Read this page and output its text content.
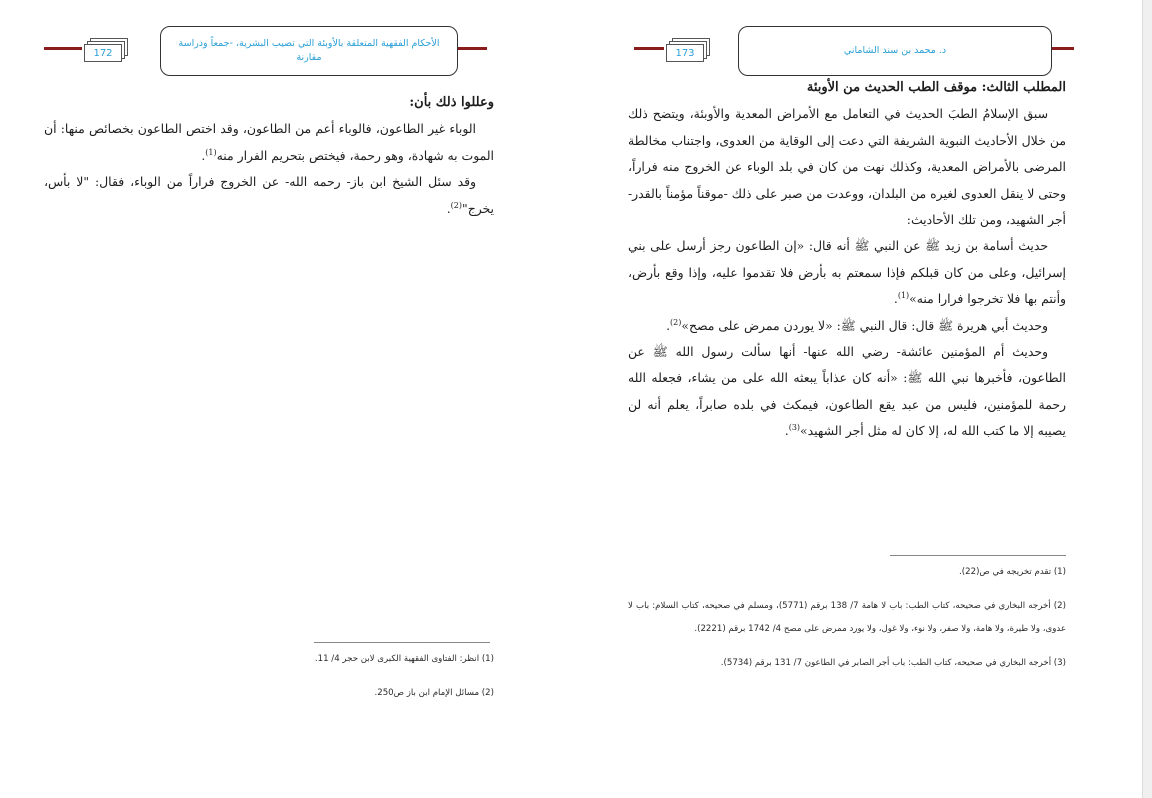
172
الأحكام الفقهية المتعلقة بالأوبئة التي تصيب البشرية، -جمعاً ودراسة مقارنة

وعللوا ذلك بأن:

الوباء غير الطاعون، فالوباء أعم من الطاعون، وقد اختص الطاعون بخصائص منها: أن الموت به شهادة، وهو رحمة، فيختص بتحريم الفرار منه$^{(1)}$.

وقد سئل الشيخ ابن باز- رحمه الله- عن الخروج فراراً من الوباء، فقال: "لا بأس، يخرج"$^{(2)}$.

(1) انظر: الفتاوى الفقهية الكبرى لابن حجر 4/ 11.

(2) مسائل الإمام ابن باز ص250.

173	د. محمد بن سند الشاماني

المطلب الثالث: موقف الطب الحديث من الأوبئة

سبق الإسلامُ الطبَ الحديث في التعامل مع الأمراض المعدية والأوبئة، ويتضح ذلك من خلال الأحاديث النبوية الشريفة التي دعت إلى الوقاية من العدوى، واجتناب مخالطة المرضى بالأمراض المعدية، وكذلك نهت من كان في بلد الوباء عن الخروج منه فراراً، وحتى لا ينقل العدوى لغيره من البلدان، ووعدت من صبر على ذلك -موقناً مؤمناً بالقدر- أجر الشهيد، ومن تلك الأحاديث:

حديث أسامة بن زيد ﷺ عن النبي ﷺ أنه قال: «إن الطاعون رجز أرسل على بني إسرائيل، وعلى من كان قبلكم فإذا سمعتم به بأرض فلا تقدموا عليه، وإذا وقع بأرض، وأنتم بها فلا تخرجوا فرارا منه»$^{(1)}$.

وحديث أبي هريرة ﷺ قال: قال النبي ﷺ: «لا يوردن ممرض على مصح»$^{(2)}$.

وحديث أم المؤمنين عائشة- رضي الله عنها- أنها سألت رسول الله ﷺ عن الطاعون، فأخبرها نبي الله ﷺ: «أنه كان عذاباً يبعثه الله على من يشاء، فجعله الله رحمة للمؤمنين، فليس من عبد يقع الطاعون، فيمكث في بلده صابراً، يعلم أنه لن يصيبه إلا ما كتب الله له، إلا كان له مثل أجر الشهيد»$^{(3)}$.

(1) تقدم تخريجه في ص(22).

(2) أخرجه البخاري في صحيحه، كتاب الطب: باب لا هامة 7/ 138 برقم (5771)، ومسلم في صحيحه، كتاب السلام: باب لا عدوى، ولا طيرة، ولا هامة، ولا صفر، ولا نوء، ولا غول، ولا يورد ممرض على مصح 4/ 1742 برقم (2221).

(3) أخرجه البخاري في صحيحه، كتاب الطب: باب أجر الصابر في الطاعون 7/ 131 برقم (5734).
